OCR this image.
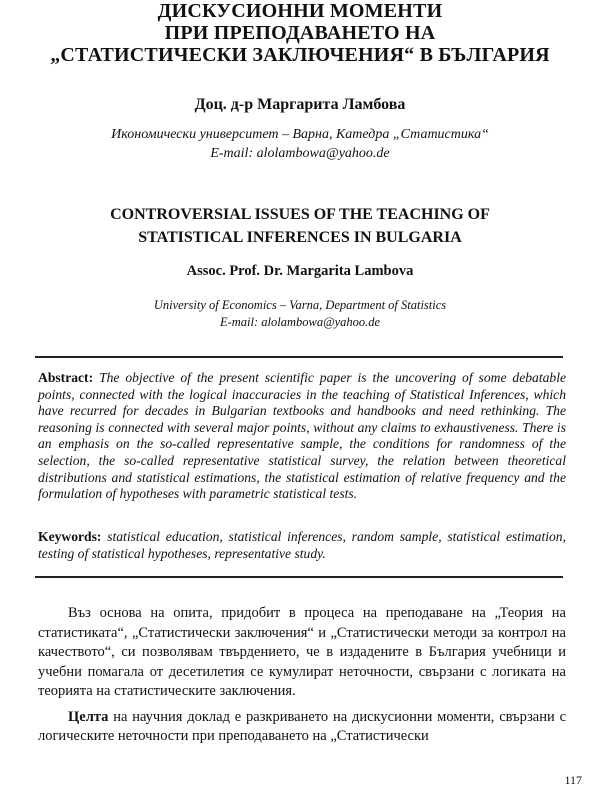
ДИСКУСИОННИ МОМЕНТИ
ПРИ ПРЕПОДАВАНЕТО НА
„СТАТИСТИЧЕСКИ ЗАКЛЮЧЕНИЯ“ В БЪЛГАРИЯ
Доц. д-р Маргарита Ламбова
Икономически университет – Варна, Катедра „Статистика“
E-mail: alolambowa@yahoo.de
CONTROVERSIAL ISSUES OF THE TEACHING OF
STATISTICAL INFERENCES IN BULGARIA
Assoc. Prof. Dr. Margarita Lambova
University of Economics – Varna, Department of Statistics
E-mail: alolambowa@yahoo.de
Abstract: The objective of the present scientific paper is the uncovering of some debatable points, connected with the logical inaccuracies in the teaching of Statistical Inferences, which have recurred for decades in Bulgarian textbooks and handbooks and need rethinking. The reasoning is connected with several major points, without any claims to exhaustiveness. There is an emphasis on the so-called representative sample, the conditions for randomness of the selection, the so-called representative statistical survey, the relation between theoretical distributions and statistical estimations, the statistical estimation of relative frequency and the formulation of hypotheses with parametric statistical tests.
Keywords: statistical education, statistical inferences, random sample, statistical estimation, testing of statistical hypotheses, representative study.

Въз основа на опита, придобит в процеса на преподаване на „Теория на статистиката“, „Статистически заключения“ и „Статистически методи за контрол на качеството“, си позволявам твърдението, че в издадените в България учебници и учебни помагала от десетилетия се кумулират неточности, свързани с логиката на теорията на статистическите заключения.

Целта на научния доклад е разкриването на дискусионни моменти, свързани с логическите неточности при преподаването на „Статистически

117
